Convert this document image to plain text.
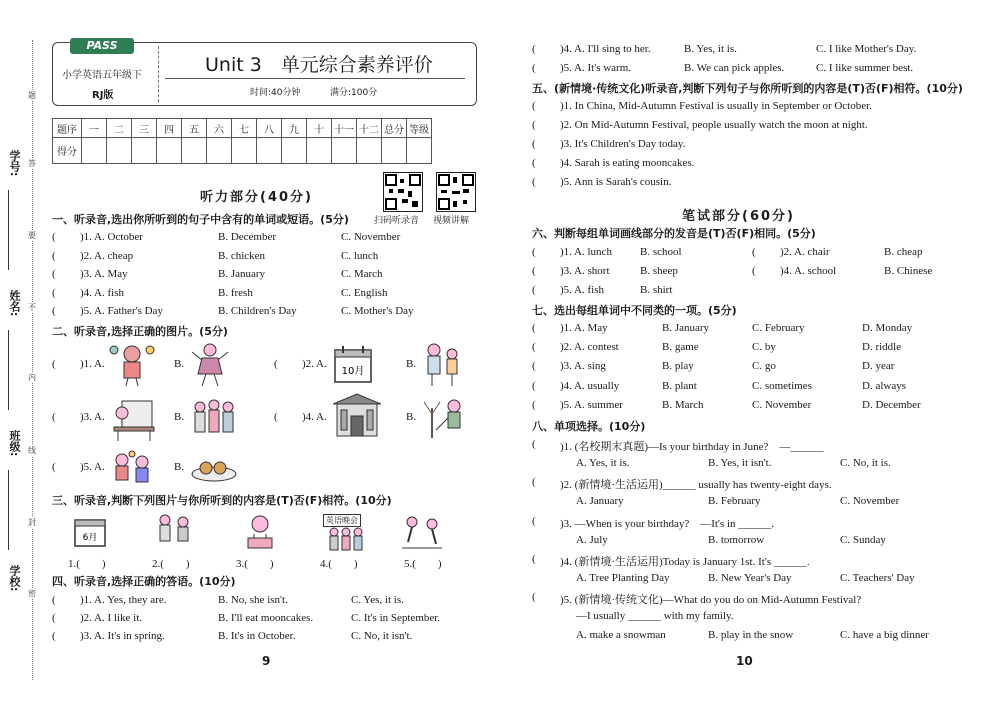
学号:
姓名:
班级:
学校:
题
答
要
不
内
线
封
密
PASS
小学英语五年级下
RJ版
Unit 3　单元综合素养评价
时间:40分钟	满分:100分
题序	一	二	三	四	五	六	七	八	九	十	十一	十二	总分	等级
得分														
听力部分(40分)
扫码听录音 视频讲解
一、听录音,选出你所听到的句子中含有的单词或短语。(5分)
( )1. A. October	B. December	C. November
( )2. A. cheap	B. chicken	C. lunch
( )3. A. May	B. January	C. March
( )4. A. fish	B. fresh	C. English
( )5. A. Father's Day	B. Children's Day	C. Mother's Day
二、听录音,选择正确的图片。(5分)
( )1. A.	B.	( )2. A.	B.
( )3. A.	B.	( )4. A.	B.
( )5. A.	B.
10月
三、听录音,判断下列图片与你所听到的内容是(T)否(F)相符。(10分)
6月
英语晚会
1.(　　)	2.(　　)	3.(　　)	4.(　　)	5.(　　)
四、听录音,选择正确的答语。(10分)
( )1. A. Yes, they are.	B. No, she isn't.	C. Yes, it is.
( )2. A. I like it.	B. I'll eat mooncakes.	C. It's in September.
( )3. A. It's in spring.	B. It's in October.	C. No, it isn't.
9
( )4. A. I'll sing to her.	B. Yes, it is.	C. I like Mother's Day.
( )5. A. It's warm.	B. We can pick apples.	C. I like summer best.
五、(新情境·传统文化)听录音,判断下列句子与你所听到的内容是(T)否(F)相符。(10分)
( )1. In China, Mid-Autumn Festival is usually in September or October.
( )2. On Mid-Autumn Festival, people usually watch the moon at night.
( )3. It's Children's Day today.
( )4. Sarah is eating mooncakes.
( )5. Ann is Sarah's cousin.
笔试部分(60分)
六、判断每组单词画线部分的发音是(T)否(F)相同。(5分)
( )1. A. lunch	B. school	( )2. A. chair	B. cheap
( )3. A. short	B. sheep	( )4. A. school	B. Chinese
( )5. A. fish	B. shirt
七、选出每组单词中不同类的一项。(5分)
( )1. A. May	B. January	C. February	D. Monday
( )2. A. contest	B. game	C. by	D. riddle
( )3. A. sing	B. play	C. go	D. year
( )4. A. usually	B. plant	C. sometimes	D. always
( )5. A. summer	B. March	C. November	D. December
八、单项选择。(10分)
( )1. (名校期末真题)—Is your birthday in June?　—______
A. Yes, it is.	B. Yes, it isn't.	C. No, it is.
( )2. (新情境·生活运用)______ usually has twenty-eight days.
A. January	B. February	C. November
( )3. —When is your birthday?　—It's in ______.
A. July	B. tomorrow	C. Sunday
( )4. (新情境·生活运用)Today is January 1st. It's ______.
A. Tree Planting Day	B. New Year's Day	C. Teachers' Day
( )5. (新情境·传统文化)—What do you do on Mid-Autumn Festival?
—I usually ______ with my family.
A. make a snowman	B. play in the snow	C. have a big dinner
10
